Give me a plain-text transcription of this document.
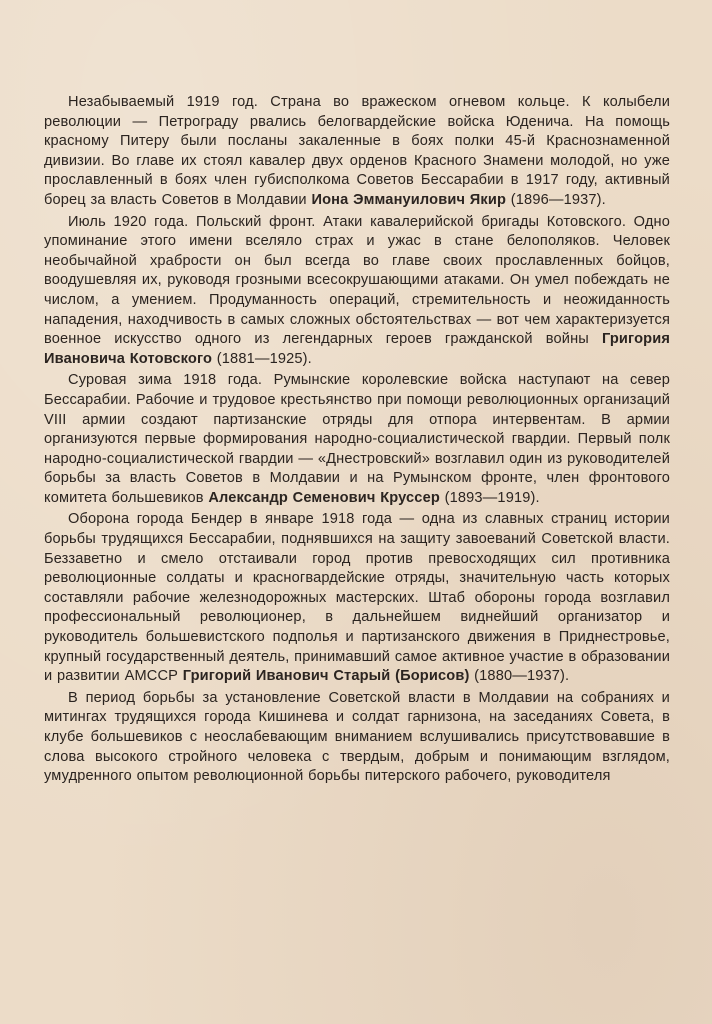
Незабываемый 1919 год. Страна во вражеском огневом кольце. К колыбели революции — Петрограду рвались белогвардейские войска Юденича. На помощь красному Питеру были посланы закаленные в боях полки 45-й Краснознаменной дивизии. Во главе их стоял кавалер двух орденов Красного Знамени молодой, но уже прославленный в боях член губисполкома Советов Бессарабии в 1917 году, активный борец за власть Советов в Молдавии Иона Эммануилович Якир (1896—1937).

Июль 1920 года. Польский фронт. Атаки кавалерийской бригады Котовского. Одно упоминание этого имени вселяло страх и ужас в стане белополяков. Человек необычайной храбрости он был всегда во главе своих прославленных бойцов, воодушевляя их, руководя грозными всесокрушающими атаками. Он умел побеждать не числом, а умением. Продуманность операций, стремительность и неожиданность нападения, находчивость в самых сложных обстоятельствах — вот чем характеризуется военное искусство одного из легендарных героев гражданской войны Григория Ивановича Котовского (1881—1925).

Суровая зима 1918 года. Румынские королевские войска наступают на север Бессарабии. Рабочие и трудовое крестьянство при помощи революционных организаций VIII армии создают партизанские отряды для отпора интервентам. В армии организуются первые формирования народно-социалистической гвардии. Первый полк народно-социалистической гвардии — «Днестровский» возглавил один из руководителей борьбы за власть Советов в Молдавии и на Румынском фронте, член фронтового комитета большевиков Александр Семенович Круссер (1893—1919).

Оборона города Бендер в январе 1918 года — одна из славных страниц истории борьбы трудящихся Бессарабии, поднявшихся на защиту завоеваний Советской власти. Беззаветно и смело отстаивали город против превосходящих сил противника революционные солдаты и красногвардейские отряды, значительную часть которых составляли рабочие железнодорожных мастерских. Штаб обороны города возглавил профессиональный революционер, в дальнейшем виднейший организатор и руководитель большевистского подполья и партизанского движения в Приднестровье, крупный государственный деятель, принимавший самое активное участие в образовании и развитии АМССР Григорий Иванович Старый (Борисов) (1880—1937).

В период борьбы за установление Советской власти в Молдавии на собраниях и митингах трудящихся города Кишинева и солдат гарнизона, на заседаниях Совета, в клубе большевиков с неослабевающим вниманием вслушивались присутствовавшие в слова высокого стройного человека с твердым, добрым и понимающим взглядом, умудренного опытом революционной борьбы питерского рабочего, руководителя
